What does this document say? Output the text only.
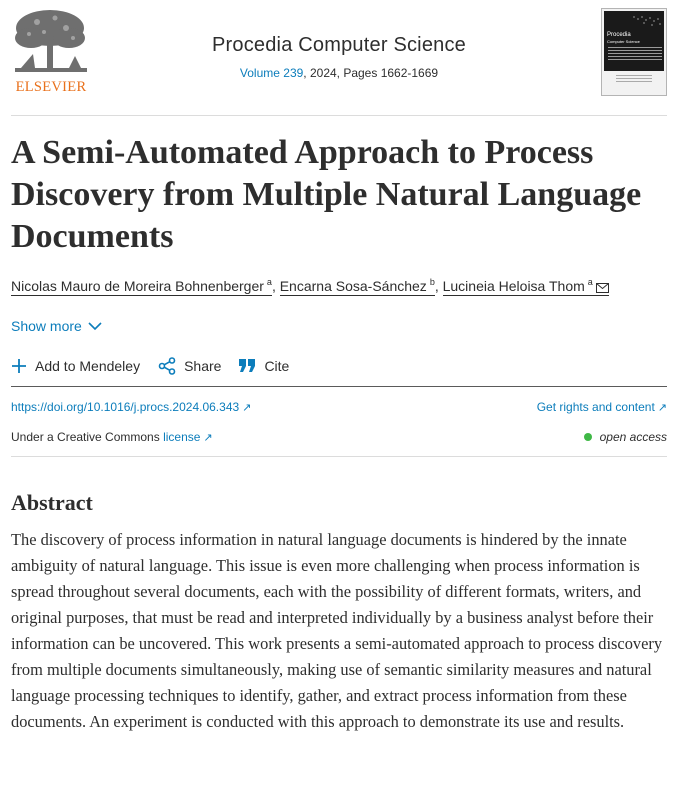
ELSEVIER
Procedia Computer Science
Volume 239, 2024, Pages 1662-1669
Procedia
Computer Science
A Semi-Automated Approach to Process Discovery from Multiple Natural Language Documents
Nicolas Mauro de Moreira Bohnenberger $^a$, Encarna Sosa-Sánchez $^b$, Lucineia Heloisa Thom $^a$
Show more
Add to Mendeley	Share	Cite
https://doi.org/10.1016/j.procs.2024.06.343 ↗	Get rights and content ↗
Under a Creative Commons license ↗	open access
Abstract

The discovery of process information in natural language documents is hindered by the innate ambiguity of natural language. This issue is even more challenging when process information is spread throughout several documents, each with the possibility of different formats, writers, and original purposes, that must be read and interpreted individually by a business analyst before their information can be uncovered. This work presents a semi-automated approach to process discovery from multiple documents simultaneously, making use of semantic similarity measures and natural language processing techniques to identify, gather, and extract process information from these documents. An experiment is conducted with this approach to demonstrate its use and results.
